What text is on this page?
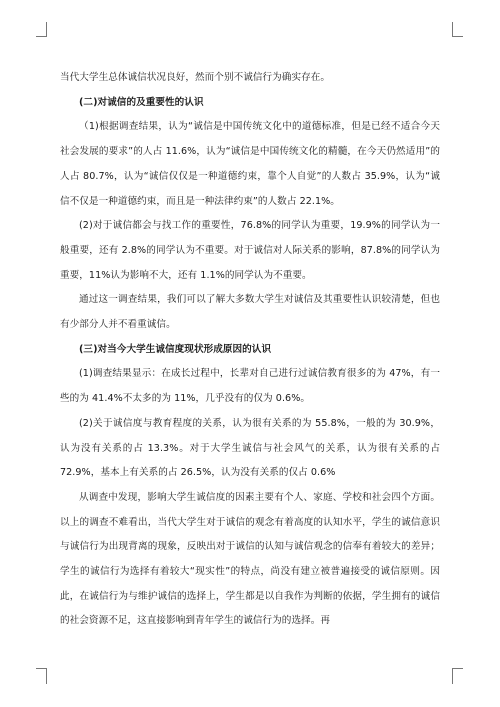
当代大学生总体诚信状况良好，然而个别不诚信行为确实存在。

(二)对诚信的及重要性的认识

（1)根据调查结果，认为“诚信是中国传统文化中的道德标准，但是已经不适合今天社会发展的要求”的人占 11.6%，认为“诚信是中国传统文化的精髓，在今天仍然适用”的人占 80.7%，认为“诚信仅仅是一种道德约束，靠个人自觉”的人数占 35.9%，认为“诚信不仅是一种道德约束，而且是一种法律约束”的人数占 22.1%。

(2)对于诚信都会与找工作的重要性，76.8%的同学认为重要，19.9%的同学认为一般重要，还有 2.8%的同学认为不重要。对于诚信对人际关系的影响，87.8%的同学认为重要，11%认为影响不大，还有 1.1%的同学认为不重要。

通过这一调查结果，我们可以了解大多数大学生对诚信及其重要性认识较清楚，但也有少部分人并不看重诚信。

(三)对当今大学生诚信度现状形成原因的认识

(1)调查结果显示：在成长过程中，长辈对自己进行过诚信教育很多的为 47%，有一些的为 41.4%不太多的为 11%，几乎没有的仅为 0.6%。

(2)关于诚信度与教育程度的关系，认为很有关系的为 55.8%，一般的为 30.9%，认为没有关系的占 13.3%。对于大学生诚信与社会风气的关系，认为很有关系的占 72.9%，基本上有关系的占 26.5%，认为没有关系的仅占 0.6%

从调查中发现，影响大学生诚信度的因素主要有个人、家庭、学校和社会四个方面。以上的调查不难看出，当代大学生对于诚信的观念有着高度的认知水平，学生的诚信意识与诚信行为出现背离的现象，反映出对于诚信的认知与诚信观念的信奉有着较大的差异；学生的诚信行为选择有着较大“现实性”的特点，尚没有建立被普遍接受的诚信原则。因此，在诚信行为与维护诚信的选择上，学生都是以自我作为判断的依据，学生拥有的诚信的社会资源不足，这直接影响到青年学生的诚信行为的选择。再
